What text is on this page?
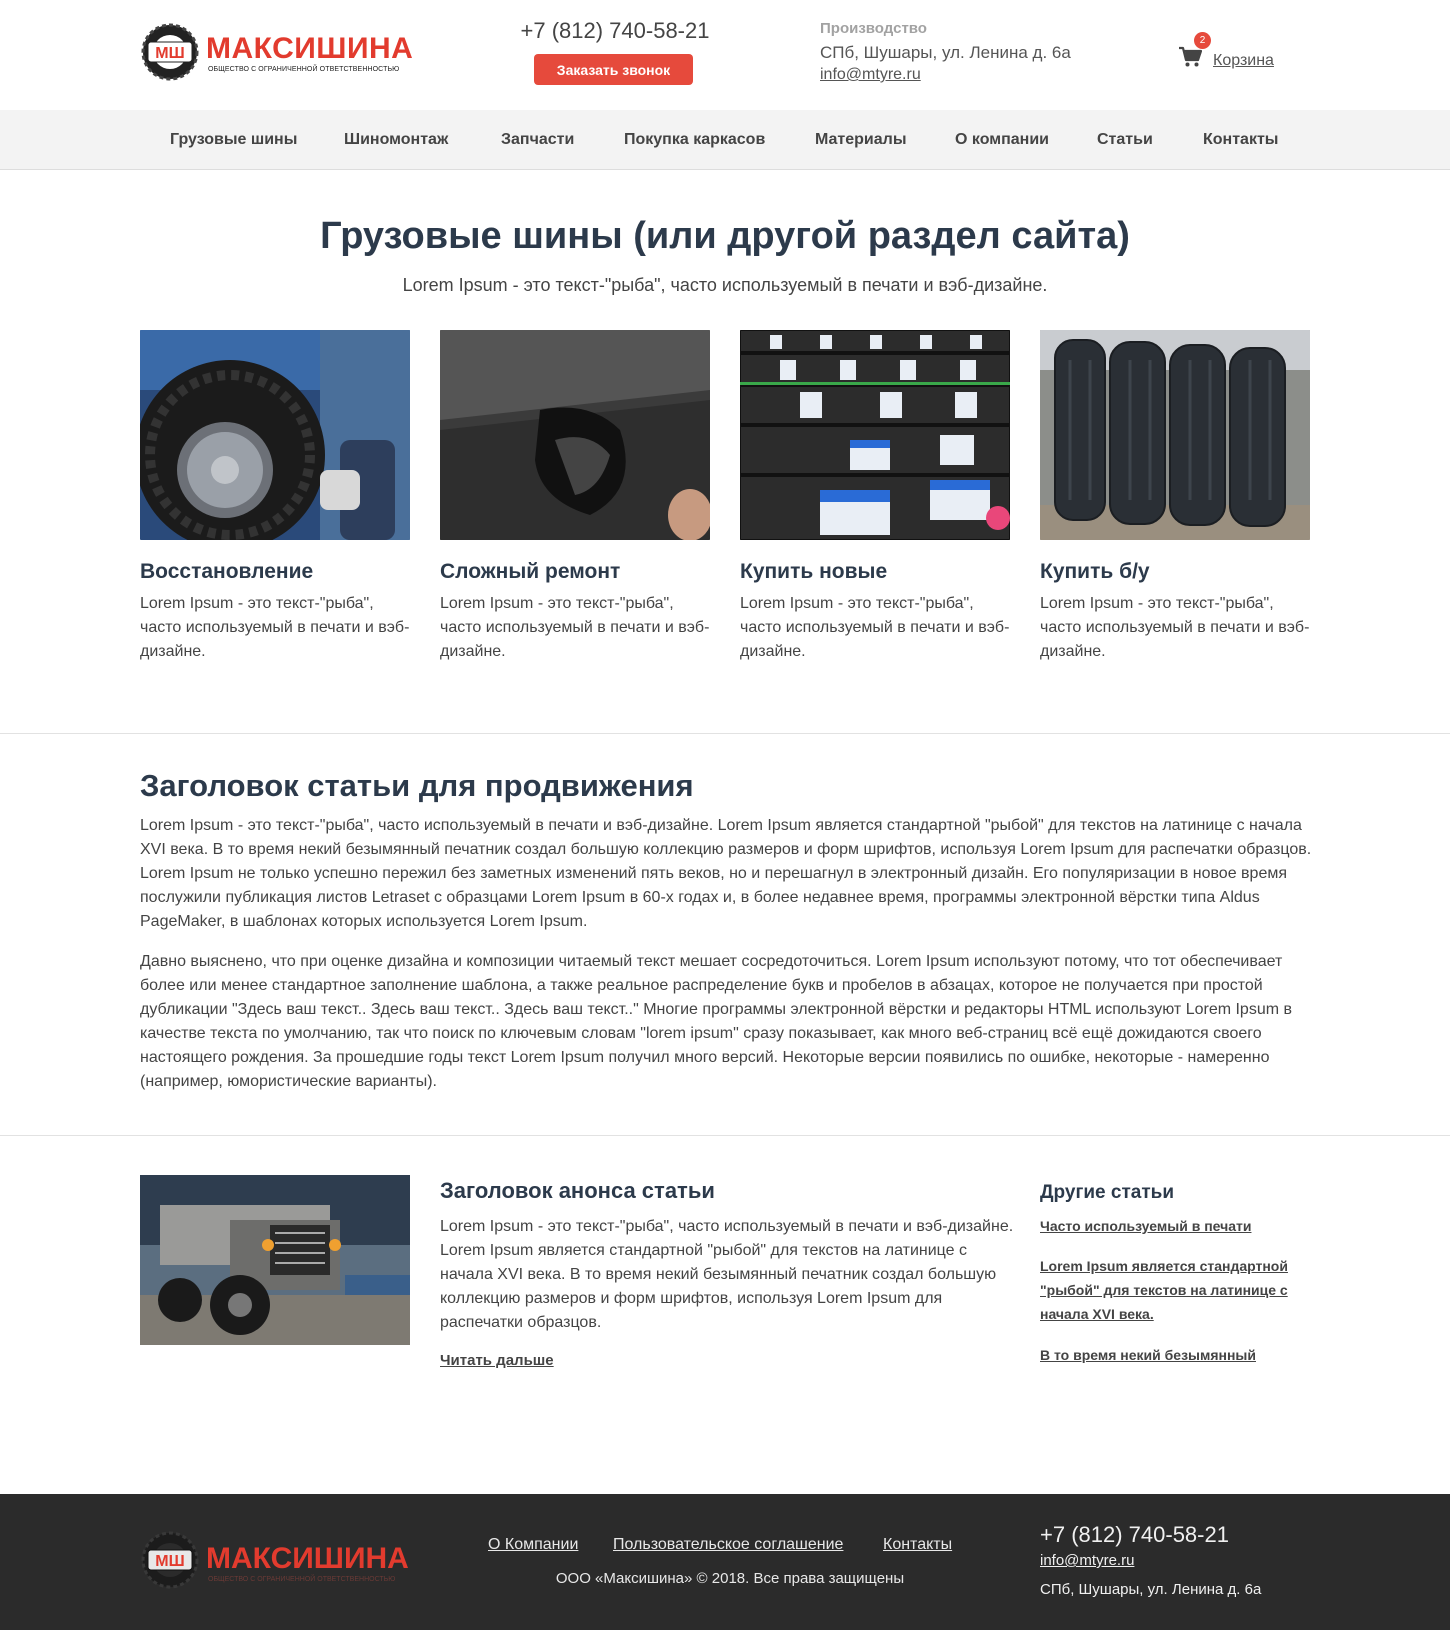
МШ МАКСИШИНА
ОБЩЕСТВО С ОГРАНИЧЕННОЙ ОТВЕТСТВЕННОСТЬЮ
+7 (812) 740-58-21
Заказать звонок
Производство
СПб, Шушары, ул. Ленина д. 6а
info@mtyre.ru
2
Корзина
Грузовые шины	Шиномонтаж	Запчасти	Покупка каркасов	Материалы	О компании	Статьи	Контакты
Грузовые шины (или другой раздел сайта)

Lorem Ipsum - это текст-"рыба", часто используемый в печати и вэб-дизайне.

Восстановление
Lorem Ipsum - это текст-"рыба", часто используемый в печати и вэб-дизайне.
Сложный ремонт
Lorem Ipsum - это текст-"рыба", часто используемый в печати и вэб-дизайне.
Купить новые
Lorem Ipsum - это текст-"рыба", часто используемый в печати и вэб-дизайне.
Купить б/у
Lorem Ipsum - это текст-"рыба", часто используемый в печати и вэб-дизайне.
Заголовок статьи для продвижения

Lorem Ipsum - это текст-"рыба", часто используемый в печати и вэб-дизайне. Lorem Ipsum является стандартной "рыбой" для текстов на латинице с начала XVI века. В то время некий безымянный печатник создал большую коллекцию размеров и форм шрифтов, используя Lorem Ipsum для распечатки образцов. Lorem Ipsum не только успешно пережил без заметных изменений пять веков, но и перешагнул в электронный дизайн. Его популяризации в новое время послужили публикация листов Letraset с образцами Lorem Ipsum в 60-х годах и, в более недавнее время, программы электронной вёрстки типа Aldus PageMaker, в шаблонах которых используется Lorem Ipsum.

Давно выяснено, что при оценке дизайна и композиции читаемый текст мешает сосредоточиться. Lorem Ipsum используют потому, что тот обеспечивает более или менее стандартное заполнение шаблона, а также реальное распределение букв и пробелов в абзацах, которое не получается при простой дубликации "Здесь ваш текст.. Здесь ваш текст.. Здесь ваш текст.." Многие программы электронной вёрстки и редакторы HTML используют Lorem Ipsum в качестве текста по умолчанию, так что поиск по ключевым словам "lorem ipsum" сразу показывает, как много веб-страниц всё ещё дожидаются своего настоящего рождения. За прошедшие годы текст Lorem Ipsum получил много версий. Некоторые версии появились по ошибке, некоторые - намеренно (например, юмористические варианты).

Заголовок анонса статьи

Lorem Ipsum - это текст-"рыба", часто используемый в печати и вэб-дизайне. Lorem Ipsum является стандартной "рыбой" для текстов на латинице с начала XVI века. В то время некий безымянный печатник создал большую коллекцию размеров и форм шрифтов, используя Lorem Ipsum для распечатки образцов.

Читать дальше
Другие статьи
Часто используемый в печати
Lorem Ipsum является стандартной "рыбой" для текстов на латинице с начала XVI века.
В то время некий безымянный
МШ МАКСИШИНА
ОБЩЕСТВО С ОГРАНИЧЕННОЙ ОТВЕТСТВЕННОСТЬЮ
О Компании Пользовательское соглашение Контакты
ООО «Максишина» © 2018. Все права защищены
+7 (812) 740-58-21
info@mtyre.ru
СПб, Шушары, ул. Ленина д. 6а
